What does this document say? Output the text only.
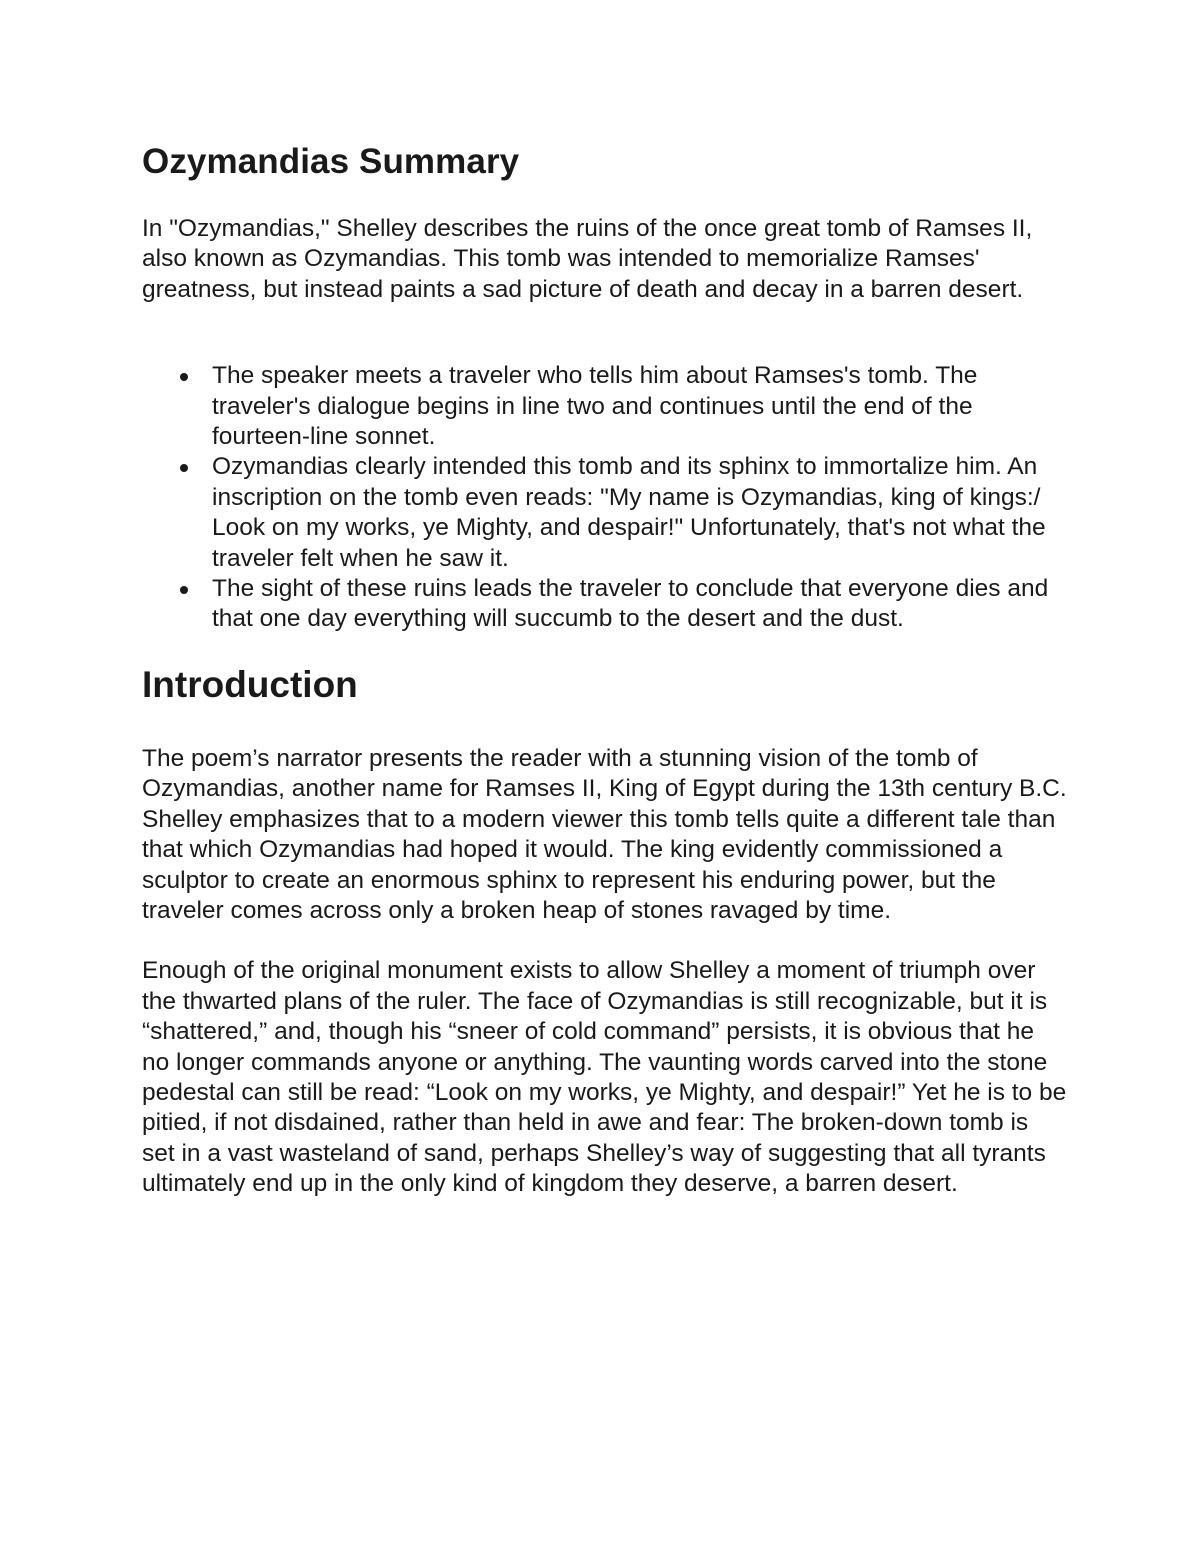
Ozymandias Summary

In "Ozymandias," Shelley describes the ruins of the once great tomb of Ramses II, also known as Ozymandias. This tomb was intended to memorialize Ramses' greatness, but instead paints a sad picture of death and decay in a barren desert.

The speaker meets a traveler who tells him about Ramses's tomb. The traveler's dialogue begins in line two and continues until the end of the fourteen-line sonnet.
Ozymandias clearly intended this tomb and its sphinx to immortalize him. An inscription on the tomb even reads: "My name is Ozymandias, king of kings:/ Look on my works, ye Mighty, and despair!" Unfortunately, that's not what the traveler felt when he saw it.
The sight of these ruins leads the traveler to conclude that everyone dies and that one day everything will succumb to the desert and the dust.
Introduction

The poem’s narrator presents the reader with a stunning vision of the tomb of Ozymandias, another name for Ramses II, King of Egypt during the 13th century B.C. Shelley emphasizes that to a modern viewer this tomb tells quite a different tale than that which Ozymandias had hoped it would. The king evidently commissioned a sculptor to create an enormous sphinx to represent his enduring power, but the traveler comes across only a broken heap of stones ravaged by time.

Enough of the original monument exists to allow Shelley a moment of triumph over the thwarted plans of the ruler. The face of Ozymandias is still recognizable, but it is “shattered,” and, though his “sneer of cold command” persists, it is obvious that he no longer commands anyone or anything. The vaunting words carved into the stone pedestal can still be read: “Look on my works, ye Mighty, and despair!” Yet he is to be pitied, if not disdained, rather than held in awe and fear: The broken-down tomb is set in a vast wasteland of sand, perhaps Shelley’s way of suggesting that all tyrants ultimately end up in the only kind of kingdom they deserve, a barren desert.
